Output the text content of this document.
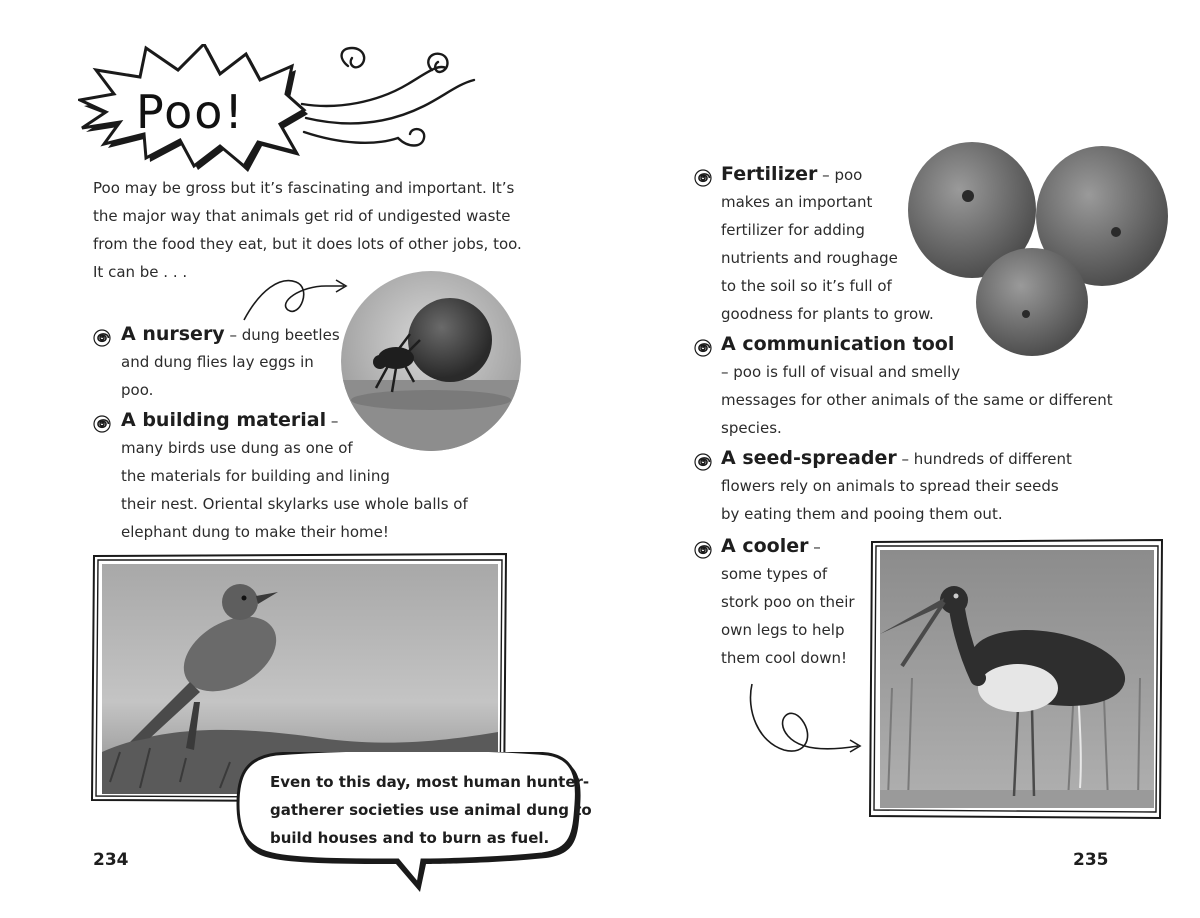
Poo!
Poo may be gross but it’s fascinating and important. It’s
the major way that animals get rid of undigested waste
from the food they eat, but it does lots of other jobs, too.
It can be . . .
A nursery – dung beetles
and dung flies lay eggs in
poo.
A building material –
many birds use dung as one of
the materials for building and lining
their nest. Oriental skylarks use whole balls of
elephant dung to make their home!
Even to this day, most human hunter-
gatherer societies use animal dung to
build houses and to burn as fuel.
234
Fertilizer – poo
makes an important
fertilizer for adding
nutrients and roughage
to the soil so it’s full of
goodness for plants to grow.
A communication tool
– poo is full of visual and smelly
messages for other animals of the same or different
species.
A seed-spreader – hundreds of different
flowers rely on animals to spread their seeds
by eating them and pooing them out.
A cooler –
some types of
stork poo on their
own legs to help
them cool down!
235
